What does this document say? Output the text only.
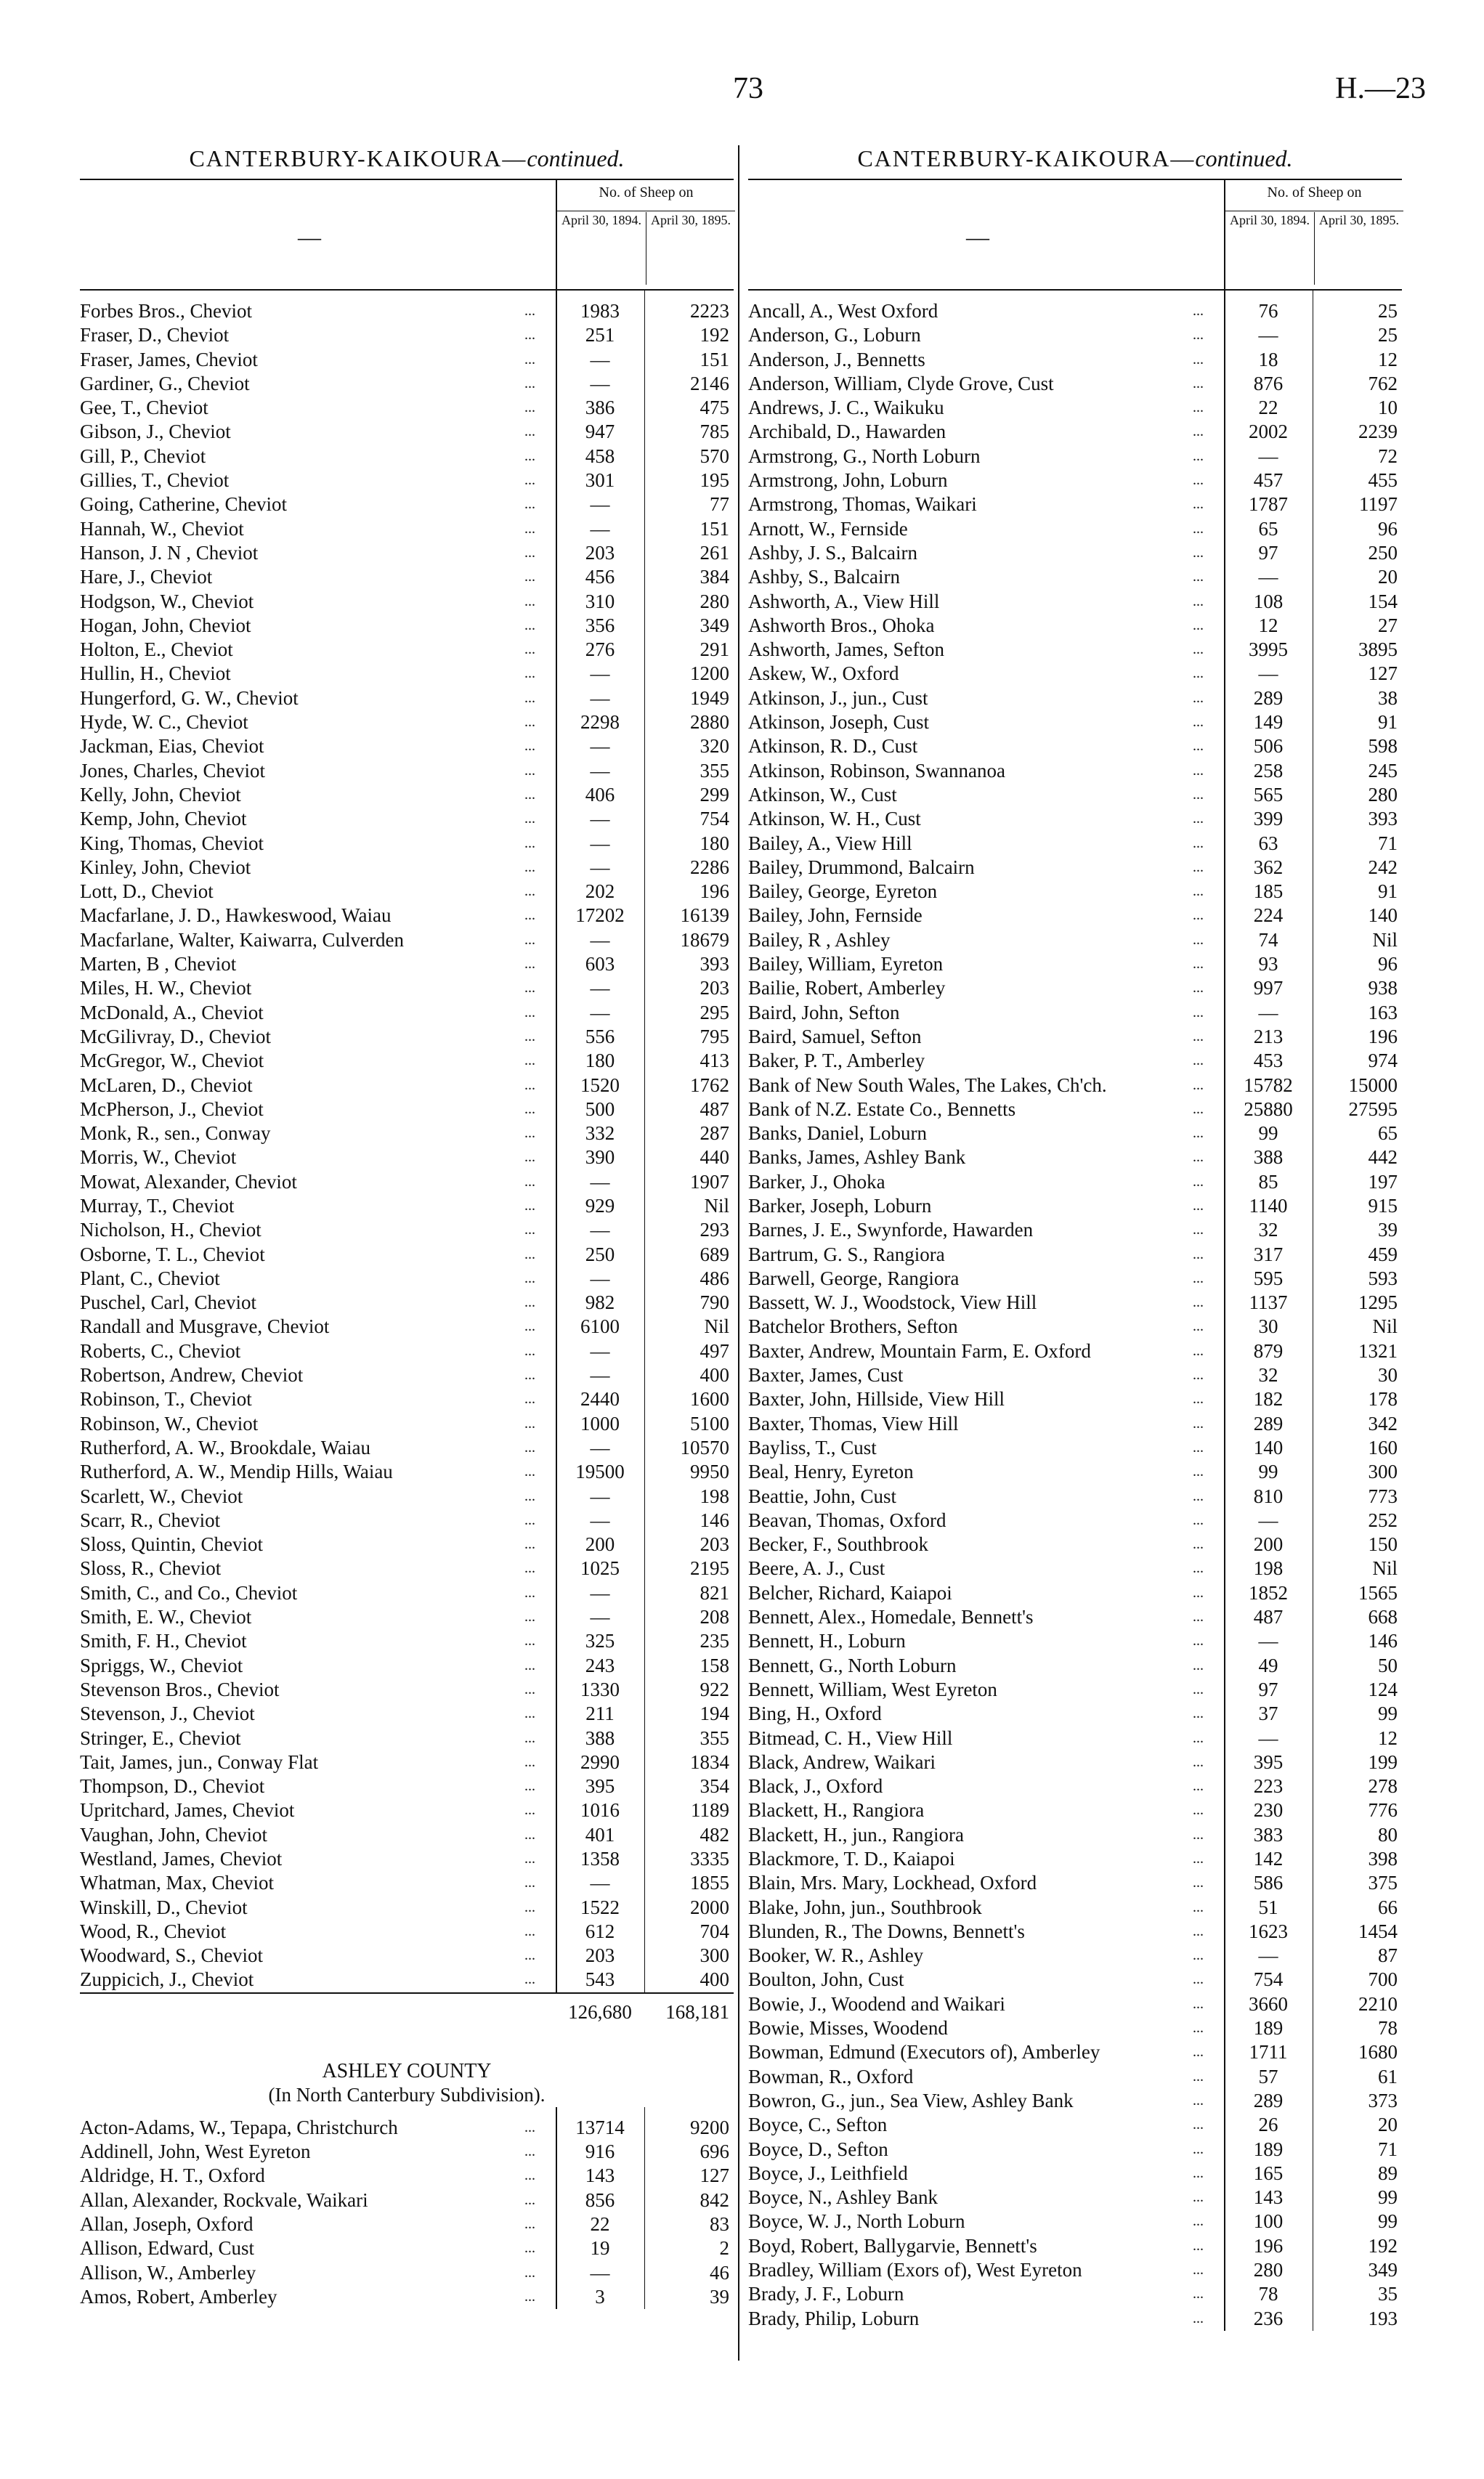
73	H.—23
CANTERBURY-KAIKOURA—continued.
—
No. of Sheep on
April 30, 1894. April 30, 1895.
Forbes Bros., Cheviot	...	1983	2223
Fraser, D., Cheviot	...	251	192
Fraser, James, Cheviot	...	—	151
Gardiner, G., Cheviot	...	—	2146
Gee, T., Cheviot	...	386	475
Gibson, J., Cheviot	...	947	785
Gill, P., Cheviot	...	458	570
Gillies, T., Cheviot	...	301	195
Going, Catherine, Cheviot	...	—	77
Hannah, W., Cheviot	...	—	151
Hanson, J. N , Cheviot	...	203	261
Hare, J., Cheviot	...	456	384
Hodgson, W., Cheviot	...	310	280
Hogan, John, Cheviot	...	356	349
Holton, E., Cheviot	...	276	291
Hullin, H., Cheviot	...	—	1200
Hungerford, G. W., Cheviot	...	—	1949
Hyde, W. C., Cheviot	...	2298	2880
Jackman, Eias, Cheviot	...	—	320
Jones, Charles, Cheviot	...	—	355
Kelly, John, Cheviot	...	406	299
Kemp, John, Cheviot	...	—	754
King, Thomas, Cheviot	...	—	180
Kinley, John, Cheviot	...	—	2286
Lott, D., Cheviot	...	202	196
Macfarlane, J. D., Hawkeswood, Waiau	...	17202	16139
Macfarlane, Walter, Kaiwarra, Culverden	...	—	18679
Marten, B , Cheviot	...	603	393
Miles, H. W., Cheviot	...	—	203
McDonald, A., Cheviot	...	—	295
McGilivray, D., Cheviot	...	556	795
McGregor, W., Cheviot	...	180	413
McLaren, D., Cheviot	...	1520	1762
McPherson, J., Cheviot	...	500	487
Monk, R., sen., Conway	...	332	287
Morris, W., Cheviot	...	390	440
Mowat, Alexander, Cheviot	...	—	1907
Murray, T., Cheviot	...	929	Nil
Nicholson, H., Cheviot	...	—	293
Osborne, T. L., Cheviot	...	250	689
Plant, C., Cheviot	...	—	486
Puschel, Carl, Cheviot	...	982	790
Randall and Musgrave, Cheviot	...	6100	Nil
Roberts, C., Cheviot	...	—	497
Robertson, Andrew, Cheviot	...	—	400
Robinson, T., Cheviot	...	2440	1600
Robinson, W., Cheviot	...	1000	5100
Rutherford, A. W., Brookdale, Waiau	...	—	10570
Rutherford, A. W., Mendip Hills, Waiau	...	19500	9950
Scarlett, W., Cheviot	...	—	198
Scarr, R., Cheviot	...	—	146
Sloss, Quintin, Cheviot	...	200	203
Sloss, R., Cheviot	...	1025	2195
Smith, C., and Co., Cheviot	...	—	821
Smith, E. W., Cheviot	...	—	208
Smith, F. H., Cheviot	...	325	235
Spriggs, W., Cheviot	...	243	158
Stevenson Bros., Cheviot	...	1330	922
Stevenson, J., Cheviot	...	211	194
Stringer, E., Cheviot	...	388	355
Tait, James, jun., Conway Flat	...	2990	1834
Thompson, D., Cheviot	...	395	354
Upritchard, James, Cheviot	...	1016	1189
Vaughan, John, Cheviot	...	401	482
Westland, James, Cheviot	...	1358	3335
Whatman, Max, Cheviot	...	—	1855
Winskill, D., Cheviot	...	1522	2000
Wood, R., Cheviot	...	612	704
Woodward, S., Cheviot	...	203	300
Zuppicich, J., Cheviot	...	543	400
126,680	168,181
ASHLEY COUNTY
(In North Canterbury Subdivision).
Acton-Adams, W., Tepapa, Christchurch	...	13714	9200
Addinell, John, West Eyreton	...	916	696
Aldridge, H. T., Oxford	...	143	127
Allan, Alexander, Rockvale, Waikari	...	856	842
Allan, Joseph, Oxford	...	22	83
Allison, Edward, Cust	...	19	2
Allison, W., Amberley	...	—	46
Amos, Robert, Amberley	...	3	39
CANTERBURY-KAIKOURA—continued.
—
No. of Sheep on
April 30, 1894. April 30, 1895.
Ancall, A., West Oxford	...	76	25
Anderson, G., Loburn	...	—	25
Anderson, J., Bennetts	...	18	12
Anderson, William, Clyde Grove, Cust	...	876	762
Andrews, J. C., Waikuku	...	22	10
Archibald, D., Hawarden	...	2002	2239
Armstrong, G., North Loburn	...	—	72
Armstrong, John, Loburn	...	457	455
Armstrong, Thomas, Waikari	...	1787	1197
Arnott, W., Fernside	...	65	96
Ashby, J. S., Balcairn	...	97	250
Ashby, S., Balcairn	...	—	20
Ashworth, A., View Hill	...	108	154
Ashworth Bros., Ohoka	...	12	27
Ashworth, James, Sefton	...	3995	3895
Askew, W., Oxford	...	—	127
Atkinson, J., jun., Cust	...	289	38
Atkinson, Joseph, Cust	...	149	91
Atkinson, R. D., Cust	...	506	598
Atkinson, Robinson, Swannanoa	...	258	245
Atkinson, W., Cust	...	565	280
Atkinson, W. H., Cust	...	399	393
Bailey, A., View Hill	...	63	71
Bailey, Drummond, Balcairn	...	362	242
Bailey, George, Eyreton	...	185	91
Bailey, John, Fernside	...	224	140
Bailey, R , Ashley	...	74	Nil
Bailey, William, Eyreton	...	93	96
Bailie, Robert, Amberley	...	997	938
Baird, John, Sefton	...	—	163
Baird, Samuel, Sefton	...	213	196
Baker, P. T., Amberley	...	453	974
Bank of New South Wales, The Lakes, Ch'ch.	...	15782	15000
Bank of N.Z. Estate Co., Bennetts	...	25880	27595
Banks, Daniel, Loburn	...	99	65
Banks, James, Ashley Bank	...	388	442
Barker, J., Ohoka	...	85	197
Barker, Joseph, Loburn	...	1140	915
Barnes, J. E., Swynforde, Hawarden	...	32	39
Bartrum, G. S., Rangiora	...	317	459
Barwell, George, Rangiora	...	595	593
Bassett, W. J., Woodstock, View Hill	...	1137	1295
Batchelor Brothers, Sefton	...	30	Nil
Baxter, Andrew, Mountain Farm, E. Oxford	...	879	1321
Baxter, James, Cust	...	32	30
Baxter, John, Hillside, View Hill	...	182	178
Baxter, Thomas, View Hill	...	289	342
Bayliss, T., Cust	...	140	160
Beal, Henry, Eyreton	...	99	300
Beattie, John, Cust	...	810	773
Beavan, Thomas, Oxford	...	—	252
Becker, F., Southbrook	...	200	150
Beere, A. J., Cust	...	198	Nil
Belcher, Richard, Kaiapoi	...	1852	1565
Bennett, Alex., Homedale, Bennett's	...	487	668
Bennett, H., Loburn	...	—	146
Bennett, G., North Loburn	...	49	50
Bennett, William, West Eyreton	...	97	124
Bing, H., Oxford	...	37	99
Bitmead, C. H., View Hill	...	—	12
Black, Andrew, Waikari	...	395	199
Black, J., Oxford	...	223	278
Blackett, H., Rangiora	...	230	776
Blackett, H., jun., Rangiora	...	383	80
Blackmore, T. D., Kaiapoi	...	142	398
Blain, Mrs. Mary, Lockhead, Oxford	...	586	375
Blake, John, jun., Southbrook	...	51	66
Blunden, R., The Downs, Bennett's	...	1623	1454
Booker, W. R., Ashley	...	—	87
Boulton, John, Cust	...	754	700
Bowie, J., Woodend and Waikari	...	3660	2210
Bowie, Misses, Woodend	...	189	78
Bowman, Edmund (Executors of), Amberley	...	1711	1680
Bowman, R., Oxford	...	57	61
Bowron, G., jun., Sea View, Ashley Bank	...	289	373
Boyce, C., Sefton	...	26	20
Boyce, D., Sefton	...	189	71
Boyce, J., Leithfield	...	165	89
Boyce, N., Ashley Bank	...	143	99
Boyce, W. J., North Loburn	...	100	99
Boyd, Robert, Ballygarvie, Bennett's	...	196	192
Bradley, William (Exors of), West Eyreton	...	280	349
Brady, J. F., Loburn	...	78	35
Brady, Philip, Loburn	...	236	193
